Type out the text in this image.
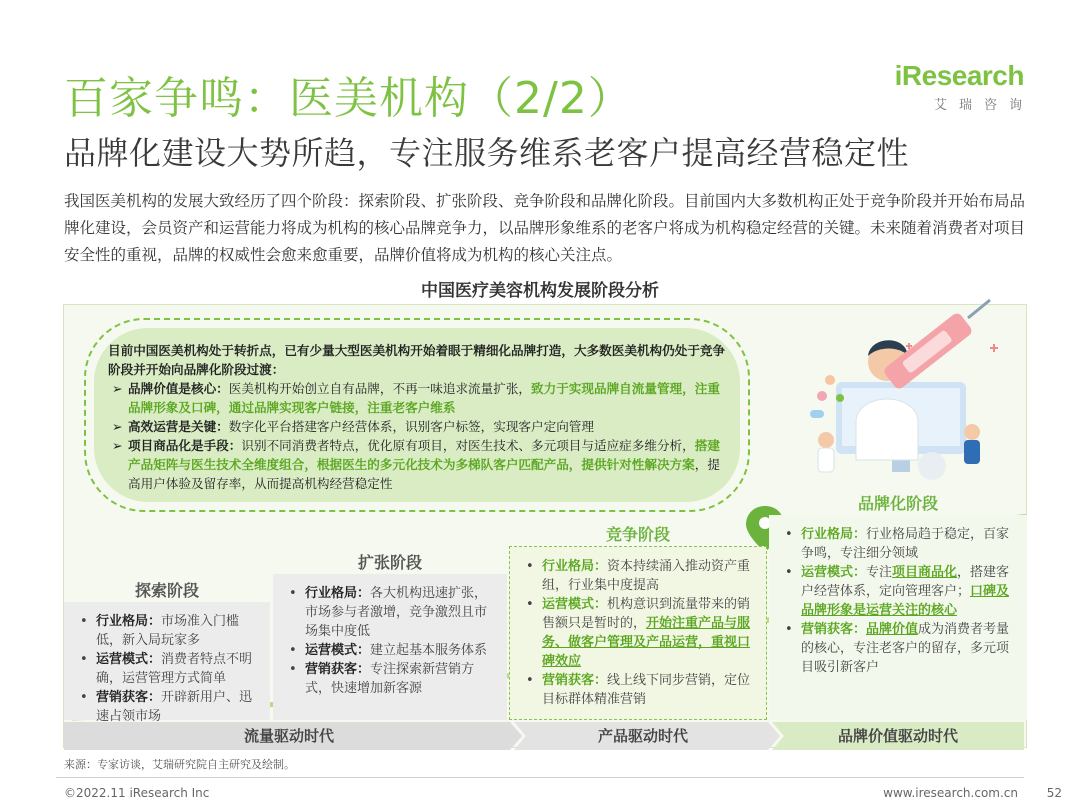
百家争鸣：医美机构（2/2）
品牌化建设大势所趋，专注服务维系老客户提高经营稳定性
iResearch
艾瑞咨询
我国医美机构的发展大致经历了四个阶段：探索阶段、扩张阶段、竞争阶段和品牌化阶段。目前国内大多数机构正处于竞争阶段并开始布局品牌化建设，会员资产和运营能力将成为机构的核心品牌竞争力，以品牌形象维系的老客户将成为机构稳定经营的关键。未来随着消费者对项目安全性的重视，品牌的权威性会愈来愈重要，品牌价值将成为机构的核心关注点。
中国医疗美容机构发展阶段分析
目前中国医美机构处于转折点，已有少量大型医美机构开始着眼于精细化品牌打造，大多数医美机构仍处于竞争阶段并开始向品牌化阶段过渡：
➢ 品牌价值是核心：医美机构开始创立自有品牌，不再一味追求流量扩张，致力于实现品牌自流量管理，注重品牌形象及口碑，通过品牌实现客户链接，注重老客户维系
➢ 高效运营是关键：数字化平台搭建客户经营体系，识别客户标签，实现客户定向管理
➢ 项目商品化是手段：识别不同消费者特点，优化原有项目，对医生技术、多元项目与适应症多维分析，搭建产品矩阵与医生技术全维度组合，根据医生的多元化技术为多梯队客户匹配产品，提供针对性解决方案，提高用户体验及留存率，从而提高机构经营稳定性
探索阶段
扩张阶段
竞争阶段
品牌化阶段
• 行业格局：市场准入门槛低，新入局玩家多
• 运营模式：消费者特点不明确，运营管理方式简单
• 营销获客：开辟新用户、迅速占领市场
• 行业格局：各大机构迅速扩张，市场参与者激增，竞争激烈且市场集中度低
• 运营模式：建立起基本服务体系
• 营销获客：专注探索新营销方式，快速增加新客源
• 行业格局：资本持续涌入推动资产重组，行业集中度提高
• 运营模式：机构意识到流量带来的销售额只是暂时的，开始注重产品与服务、做客户管理及产品运营，重视口碑效应
• 营销获客：线上线下同步营销，定位目标群体精准营销
• 行业格局：行业格局趋于稳定，百家争鸣，专注细分领域
• 运营模式：专注项目商品化，搭建客户经营体系，定向管理客户；口碑及品牌形象是运营关注的核心
• 营销获客：品牌价值成为消费者考量的核心，专注老客户的留存，多元项目吸引新客户
流量驱动时代	产品驱动时代	品牌价值驱动时代
来源：专家访谈，艾瑞研究院自主研究及绘制。
©2022.11 iResearch Inc	www.iresearch.com.cn 52
